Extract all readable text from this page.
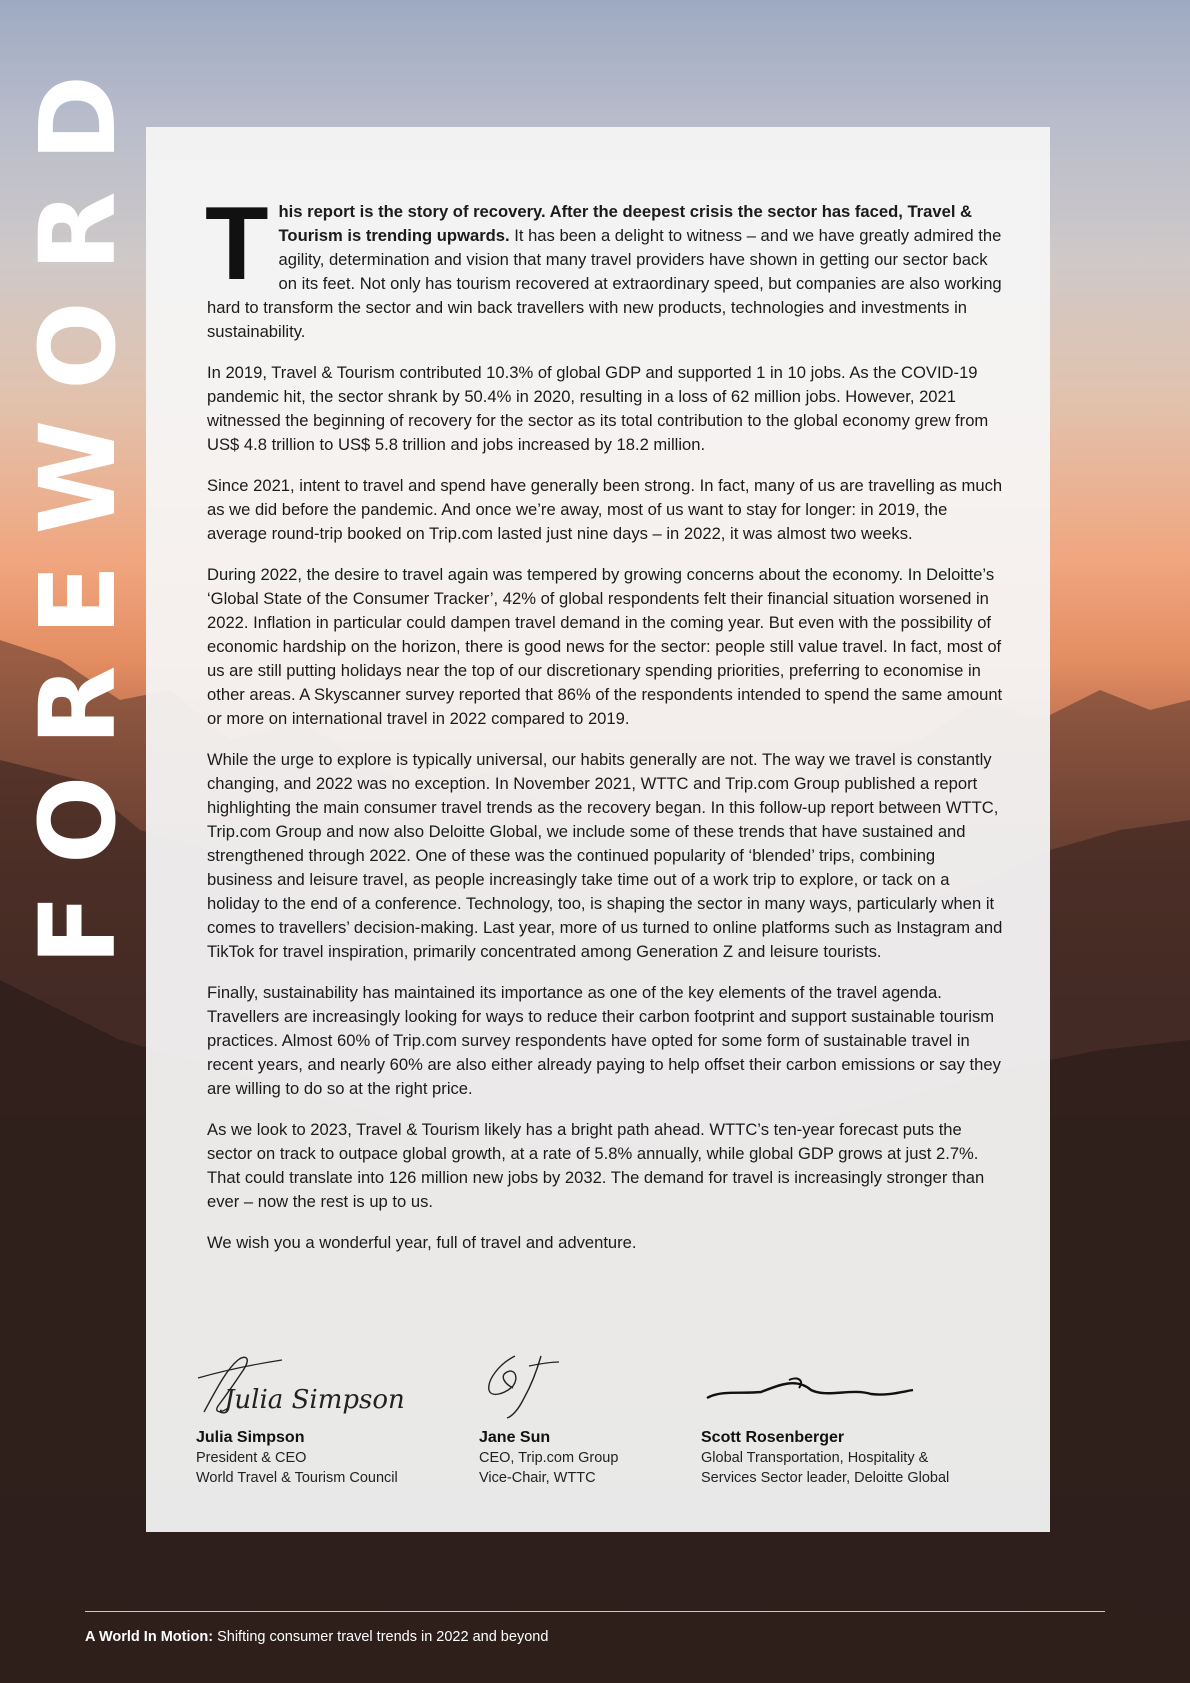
FOREWORD This report is the story of recovery. After the deepest crisis the sector has faced, Travel & Tourism is trending upwards. It has been a delight to witness – and we have greatly admired the agility, determination and vision that many travel providers have shown in getting our sector back on its feet. Not only has tourism recovered at extraordinary speed, but companies are also working hard to transform the sector and win back travellers with new products, technologies and investments in sustainability.

In 2019, Travel & Tourism contributed 10.3% of global GDP and supported 1 in 10 jobs. As the COVID-19 pandemic hit, the sector shrank by 50.4% in 2020, resulting in a loss of 62 million jobs. However, 2021 witnessed the beginning of recovery for the sector as its total contribution to the global economy grew from US$ 4.8 trillion to US$ 5.8 trillion and jobs increased by 18.2 million.

Since 2021, intent to travel and spend have generally been strong. In fact, many of us are travelling as much as we did before the pandemic. And once we’re away, most of us want to stay for longer: in 2019, the average round-trip booked on Trip.com lasted just nine days – in 2022, it was almost two weeks.

During 2022, the desire to travel again was tempered by growing concerns about the economy. In Deloitte’s ‘Global State of the Consumer Tracker’, 42% of global respondents felt their financial situation worsened in 2022. Inflation in particular could dampen travel demand in the coming year. But even with the possibility of economic hardship on the horizon, there is good news for the sector: people still value travel. In fact, most of us are still putting holidays near the top of our discretionary spending priorities, preferring to economise in other areas. A Skyscanner survey reported that 86% of the respondents intended to spend the same amount or more on international travel in 2022 compared to 2019.

While the urge to explore is typically universal, our habits generally are not. The way we travel is constantly changing, and 2022 was no exception. In November 2021, WTTC and Trip.com Group published a report highlighting the main consumer travel trends as the recovery began. In this follow-up report between WTTC, Trip.com Group and now also Deloitte Global, we include some of these trends that have sustained and strengthened through 2022. One of these was the continued popularity of ‘blended’ trips, combining business and leisure travel, as people increasingly take time out of a work trip to explore, or tack on a holiday to the end of a conference. Technology, too, is shaping the sector in many ways, particularly when it comes to travellers’ decision-making. Last year, more of us turned to online platforms such as Instagram and TikTok for travel inspiration, primarily concentrated among Generation Z and leisure tourists.

Finally, sustainability has maintained its importance as one of the key elements of the travel agenda. Travellers are increasingly looking for ways to reduce their carbon footprint and support sustainable tourism practices. Almost 60% of Trip.com survey respondents have opted for some form of sustainable travel in recent years, and nearly 60% are also either already paying to help offset their carbon emissions or say they are willing to do so at the right price.

As we look to 2023, Travel & Tourism likely has a bright path ahead. WTTC’s ten-year forecast puts the sector on track to outpace global growth, at a rate of 5.8% annually, while global GDP grows at just 2.7%. That could translate into 126 million new jobs by 2032. The demand for travel is increasingly stronger than ever – now the rest is up to us.

We wish you a wonderful year, full of travel and adventure.

Julia Simpson
Julia Simpson
President & CEO
World Travel & Tourism Council
SJ
Jane Sun
CEO, Trip.com Group
Vice-Chair, WTTC
Scott Rosenberger
Scott Rosenberger
Global Transportation, Hospitality &
Services Sector leader, Deloitte Global
A World In Motion: Shifting consumer travel trends in 2022 and beyond
